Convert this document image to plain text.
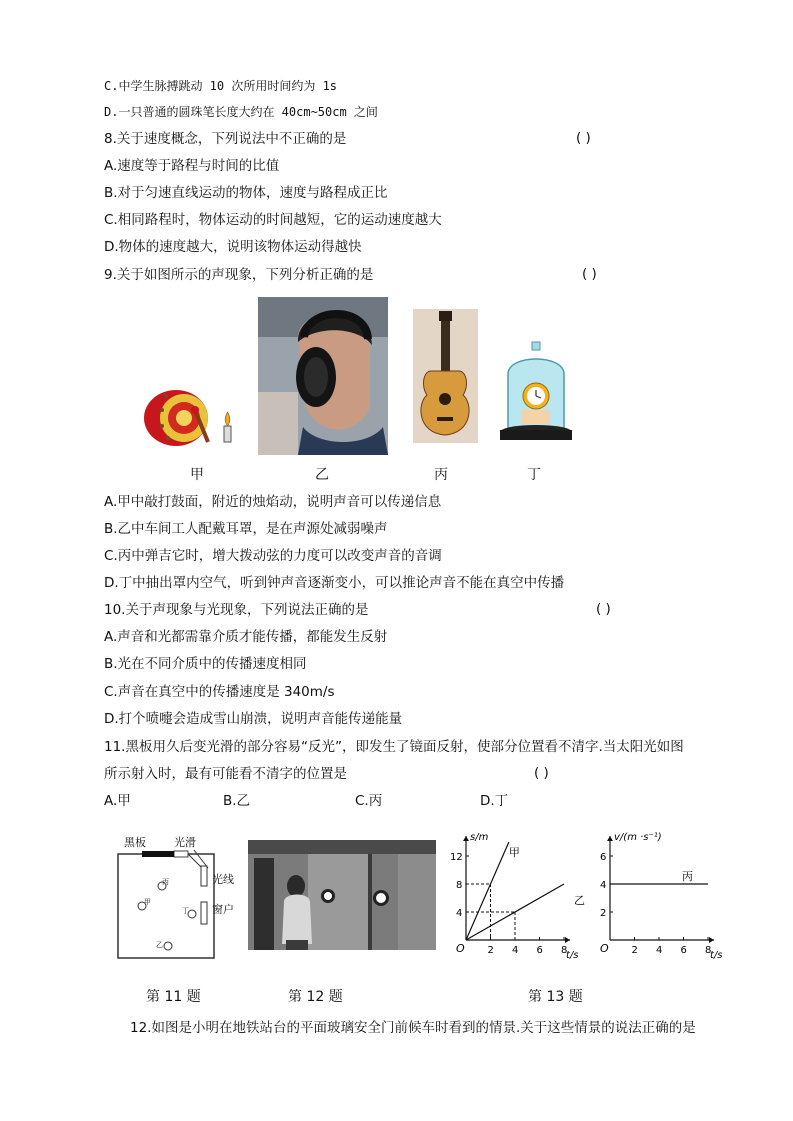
C.中学生脉搏跳动 10 次所用时间约为 1s
D.一只普通的圆珠笔长度大约在 40cm~50cm 之间
8.关于速度概念，下列说法中不正确的是	( )
A.速度等于路程与时间的比值
B.对于匀速直线运动的物体，速度与路程成正比
C.相同路程时，物体运动的时间越短，它的运动速度越大
D.物体的速度越大，说明该物体运动得越快
9.关于如图所示的声现象，下列分析正确的是	( )
甲	乙	丙	丁
A.甲中敲打鼓面，附近的烛焰动，说明声音可以传递信息
B.乙中车间工人配戴耳罩，是在声源处减弱噪声
C.丙中弹吉它时，增大拨动弦的力度可以改变声音的音调
D.丁中抽出罩内空气，听到钟声音逐渐变小，可以推论声音不能在真空中传播
10.关于声现象与光现象，下列说法正确的是	( )
A.声音和光都需靠介质才能传播，都能发生反射
B.光在不同介质中的传播速度相同
C.声音在真空中的传播速度是 340m/s
D.打个喷嚏会造成雪山崩溃，说明声音能传递能量
11.黑板用久后变光滑的部分容易“反光”，即发生了镜面反射，使部分位置看不清字.当太阳光如图
所示射入时，最有可能看不清字的位置是	( )
A.甲	B.乙	C.丙	D.丁
黑板	光滑
光线
窗户
甲
丙
丁
乙
t/s
s/m
O 2 4 6 8
4
8
12	甲
乙
t/s
v/(m ·s⁻¹)
O 2 4 6 8
2
4
6
丙
第 11 题	第 12 题	第 13 题
12.如图是小明在地铁站台的平面玻璃安全门前候车时看到的情景.关于这些情景的说法正确的是
